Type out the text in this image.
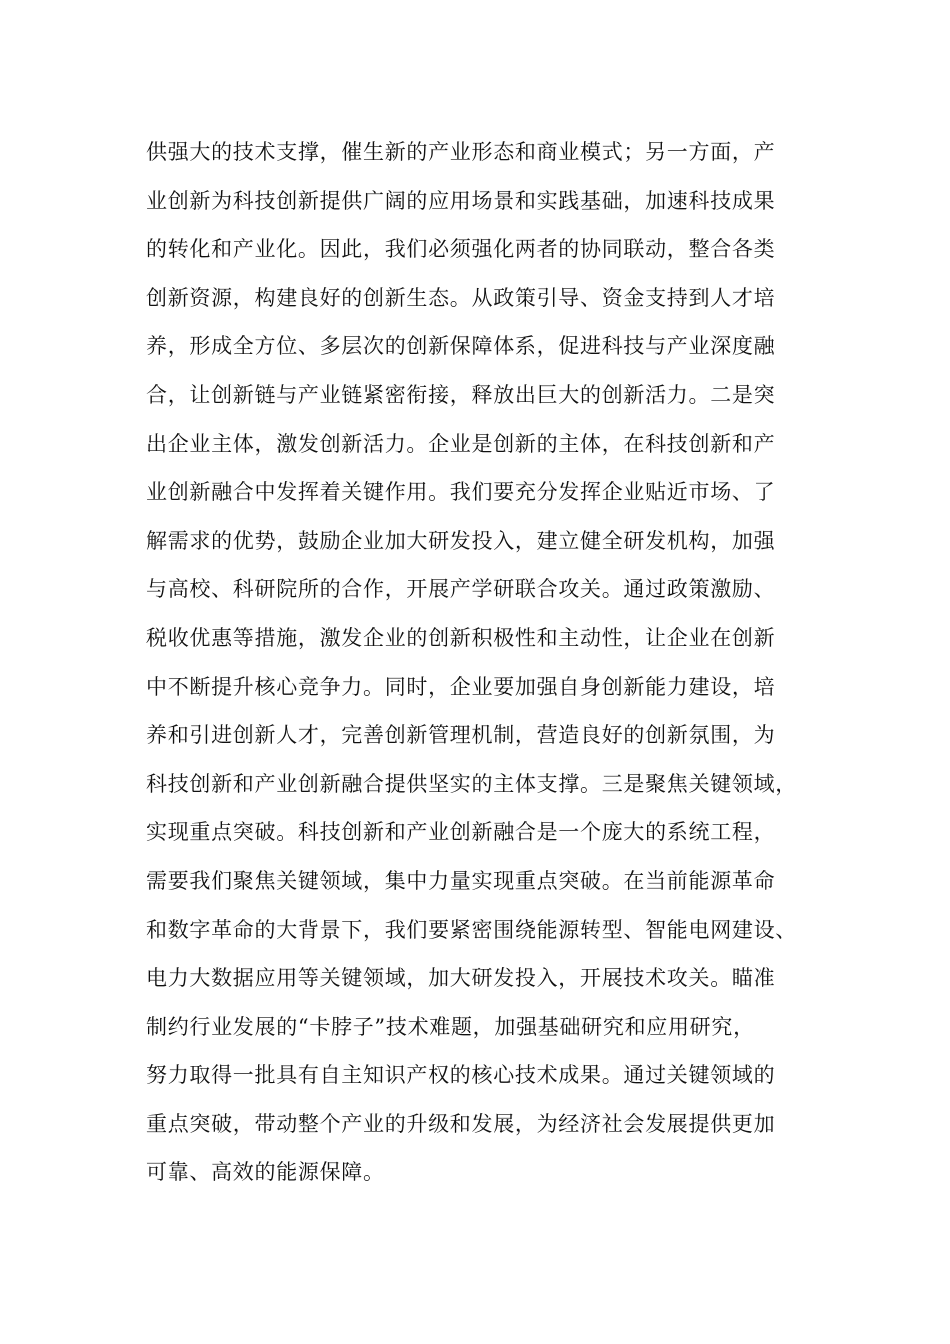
供强大的技术支撑，催生新的产业形态和商业模式；另一方面，产
业创新为科技创新提供广阔的应用场景和实践基础，加速科技成果
的转化和产业化。因此，我们必须强化两者的协同联动，整合各类
创新资源，构建良好的创新生态。从政策引导、资金支持到人才培
养，形成全方位、多层次的创新保障体系，促进科技与产业深度融
合，让创新链与产业链紧密衔接，释放出巨大的创新活力。二是突
出企业主体，激发创新活力。企业是创新的主体，在科技创新和产
业创新融合中发挥着关键作用。我们要充分发挥企业贴近市场、了
解需求的优势，鼓励企业加大研发投入，建立健全研发机构，加强
与高校、科研院所的合作，开展产学研联合攻关。通过政策激励、
税收优惠等措施，激发企业的创新积极性和主动性，让企业在创新
中不断提升核心竞争力。同时，企业要加强自身创新能力建设，培
养和引进创新人才，完善创新管理机制，营造良好的创新氛围，为
科技创新和产业创新融合提供坚实的主体支撑。三是聚焦关键领域，
实现重点突破。科技创新和产业创新融合是一个庞大的系统工程，
需要我们聚焦关键领域，集中力量实现重点突破。在当前能源革命
和数字革命的大背景下，我们要紧密围绕能源转型、智能电网建设、
电力大数据应用等关键领域，加大研发投入，开展技术攻关。瞄准
制约行业发展的“卡脖子”技术难题，加强基础研究和应用研究，
努力取得一批具有自主知识产权的核心技术成果。通过关键领域的
重点突破，带动整个产业的升级和发展，为经济社会发展提供更加
可靠、高效的能源保障。
